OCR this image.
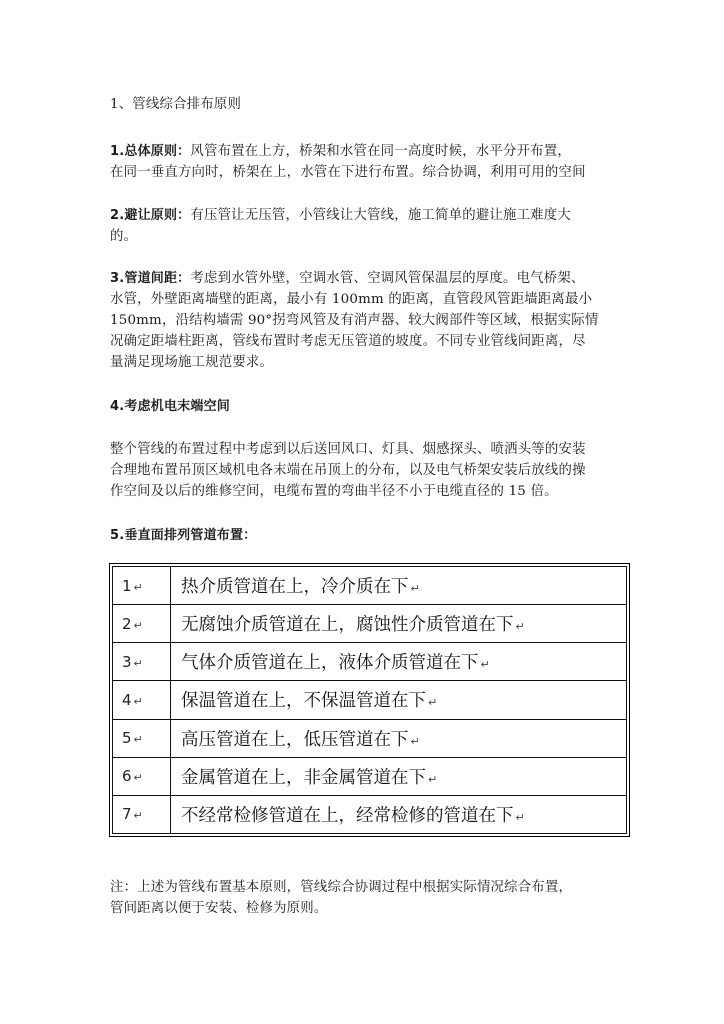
1、管线综合排布原则
1.总体原则：风管布置在上方，桥架和水管在同一高度时候，水平分开布置，
在同一垂直方向时，桥架在上，水管在下进行布置。综合协调，利用可用的空间
2.避让原则：有压管让无压管，小管线让大管线，施工简单的避让施工难度大
的。
3.管道间距：考虑到水管外壁，空调水管、空调风管保温层的厚度。电气桥架、
水管，外壁距离墙壁的距离，最小有 100mm 的距离，直管段风管距墙距离最小
150mm，沿结构墙需 90°拐弯风管及有消声器、较大阀部件等区域，根据实际情
况确定距墙柱距离，管线布置时考虑无压管道的坡度。不同专业管线间距离，尽
量满足现场施工规范要求。
4.考虑机电末端空间
整个管线的布置过程中考虑到以后送回风口、灯具、烟感探头、喷洒头等的安装
合理地布置吊顶区域机电各末端在吊顶上的分布，以及电气桥架安装后放线的操
作空间及以后的维修空间，电缆布置的弯曲半径不小于电缆直径的 15 倍。
5.垂直面排列管道布置：
注：上述为管线布置基本原则，管线综合协调过程中根据实际情况综合布置，
管间距离以便于安装、检修为原则。
1 ↵	热介质管道在上，冷介质在下 ↵
2 ↵	无腐蚀介质管道在上，腐蚀性介质管道在下 ↵
3 ↵	气体介质管道在上，液体介质管道在下 ↵
4 ↵	保温管道在上，不保温管道在下 ↵
5 ↵	高压管道在上，低压管道在下 ↵
6 ↵	金属管道在上，非金属管道在下 ↵
7 ↵	不经常检修管道在上，经常检修的管道在下 ↵
